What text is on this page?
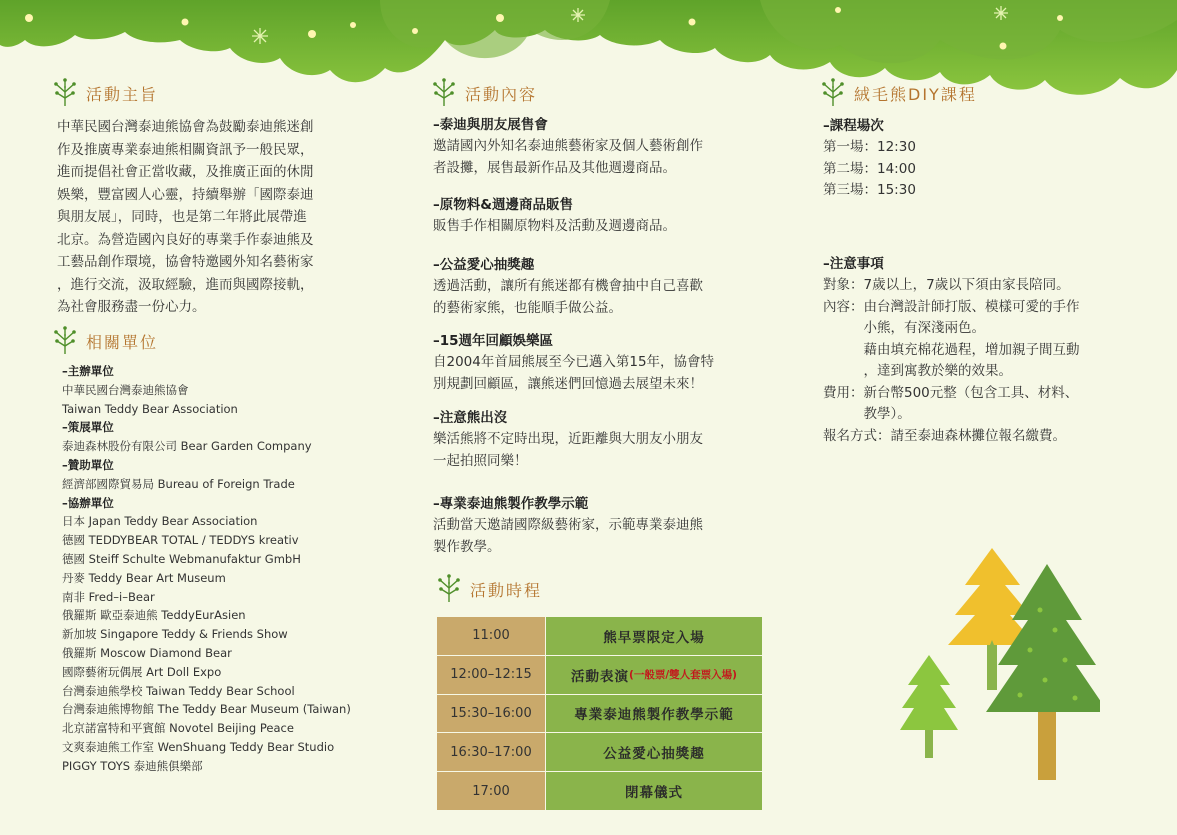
活動主旨
中華民國台灣泰迪熊協會為鼓勵泰迪熊迷創
作及推廣專業泰迪熊相關資訊予一般民眾，
進而提倡社會正當收藏，及推廣正面的休閒
娛樂，豐富國人心靈，持續舉辦「國際泰迪
與朋友展」，同時，也是第二年將此展帶進
北京。為營造國內良好的專業手作泰迪熊及
工藝品創作環境，協會特邀國外知名藝術家
，進行交流，汲取經驗，進而與國際接軌，
為社會服務盡一份心力。
相關單位
–主辦單位
中華民國台灣泰迪熊協會
Taiwan Teddy Bear Association
–策展單位
泰迪森林股份有限公司 Bear Garden Company
–贊助單位
經濟部國際貿易局 Bureau of Foreign Trade
–協辦單位
日本 Japan Teddy Bear Association
德國 TEDDYBEAR TOTAL / TEDDYS kreativ
德國 Steiff Schulte Webmanufaktur GmbH
丹麥 Teddy Bear Art Museum
南非 Fred–i–Bear
俄羅斯 歐亞泰迪熊 TeddyEurAsien
新加坡 Singapore Teddy & Friends Show
俄羅斯 Moscow Diamond Bear
國際藝術玩偶展 Art Doll Expo
台灣泰迪熊學校 Taiwan Teddy Bear School
台灣泰迪熊博物館 The Teddy Bear Museum (Taiwan)
北京諾富特和平賓館 Novotel Beijing Peace
文爽泰迪熊工作室 WenShuang Teddy Bear Studio
PIGGY TOYS 泰迪熊俱樂部
活動內容
–泰迪與朋友展售會
邀請國內外知名泰迪熊藝術家及個人藝術創作
者設攤，展售最新作品及其他週邊商品。
–原物料&週邊商品販售
販售手作相關原物料及活動及週邊商品。
–公益愛心抽獎趣
透過活動，讓所有熊迷都有機會抽中自己喜歡
的藝術家熊，也能順手做公益。
–15週年回顧娛樂區
自2004年首屆熊展至今已邁入第15年，協會特
別規劃回顧區，讓熊迷們回憶過去展望未來！
–注意熊出沒
樂活熊將不定時出現，近距離與大朋友小朋友
一起拍照同樂！
–專業泰迪熊製作教學示範
活動當天邀請國際級藝術家，示範專業泰迪熊
製作教學。
活動時程
11:00	熊早票限定入場
12:00–12:15	活動表演 (一般票/雙人套票入場)
15:30–16:00	專業泰迪熊製作教學示範
16:30–17:00	公益愛心抽獎趣
17:00	閉幕儀式
絨毛熊DIY課程
–課程場次
第一場：12:30
第二場：14:00
第三場：15:30
–注意事項
對象：7歲以上，7歲以下須由家長陪同。
內容：由台灣設計師打版、模樣可愛的手作
　　　小熊，有深淺兩色。
　　　藉由填充棉花過程，增加親子間互動
　　　，達到寓教於樂的效果。
費用：新台幣500元整（包含工具、材料、
　　　教學）。
報名方式：請至泰迪森林攤位報名繳費。
